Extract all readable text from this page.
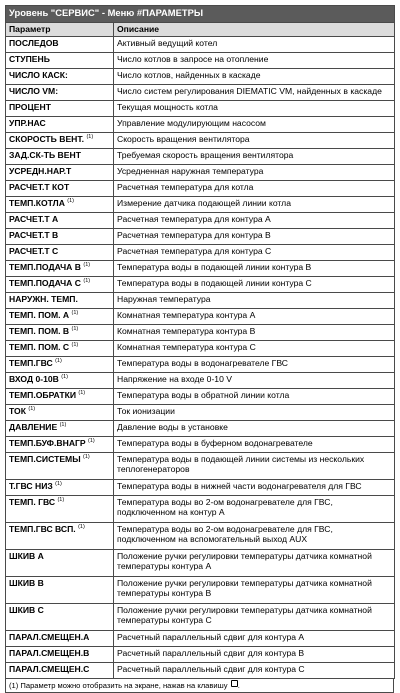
Уровень "СЕРВИС" - Меню #ПАРАМЕТРЫ	
Параметр	Описание
ПОСЛЕДОВ	Активный ведущий котел
СТУПЕНЬ	Число котлов в запросе на отопление
ЧИСЛО КАСК:	Число котлов, найденных в каскаде
ЧИСЛО VM:	Число систем регулирования DIEMATIC VM, найденных в каскаде
ПРОЦЕНТ	Текущая мощность котла
УПР.НАС	Управление модулирующим насосом
СКОРОСТЬ ВЕНТ. $^{(1)}$	Скорость вращения вентилятора
ЗАД.СК-ТЬ ВЕНТ	Требуемая скорость вращения вентилятора
УСРЕДН.НАР.Т	Усредненная наружная температура
РАСЧЕТ.Т КОТ	Расчетная температура для котла
ТЕМП.КОТЛА $^{(1)}$	Измерение датчика подающей линии котла
РАСЧЕТ.Т А	Расчетная температура для контура A
РАСЧЕТ.Т В	Расчетная температура для контура B
РАСЧЕТ.Т С	Расчетная температура для контура C
ТЕМП.ПОДАЧА В $^{(1)}$	Температура воды в подающей линии контура B
ТЕМП.ПОДАЧА С $^{(1)}$	Температура воды в подающей линии контура C
НАРУЖН. ТЕМП.	Наружная температура
ТЕМП. ПОМ. А $^{(1)}$	Комнатная температура контура A
ТЕМП. ПОМ. В $^{(1)}$	Комнатная температура контура B
ТЕМП. ПОМ. С $^{(1)}$	Комнатная температура контура C
ТЕМП.ГВС $^{(1)}$	Температура воды в водонагревателе ГВС
ВХОД 0-10В $^{(1)}$	Напряжение на входе 0-10 V
ТЕМП.ОБРАТКИ $^{(1)}$	Температура воды в обратной линии котла
ТОК $^{(1)}$	Ток ионизации
ДАВЛЕНИЕ $^{(1)}$	Давление воды в установке
ТЕМП.БУФ.ВНАГР $^{(1)}$	Температура воды в буферном водонагревателе
ТЕМП.СИСТЕМЫ $^{(1)}$	Температура воды в подающей линии системы из нескольких теплогенераторов
Т.ГВС НИЗ $^{(1)}$	Температура воды в нижней части водонагревателя для ГВС
ТЕМП. ГВС $^{(1)}$	Температура воды во 2-ом водонагревателе для ГВС, подключенном на контур A
ТЕМП.ГВС ВСП. $^{(1)}$	Температура воды во 2-ом водонагревателе для ГВС, подключенном на вспомогательный выход AUX
ШКИВ А	Положение ручки регулировки температуры датчика комнатной температуры контура A
ШКИВ В	Положение ручки регулировки температуры датчика комнатной температуры контура B
ШКИВ С	Положение ручки регулировки температуры датчика комнатной температуры контура C
ПАРАЛ.СМЕЩЕН.А	Расчетный параллельный сдвиг для контура A
ПАРАЛ.СМЕЩЕН.В	Расчетный параллельный сдвиг для контура B
ПАРАЛ.СМЕЩЕН.С	Расчетный параллельный сдвиг для контура C
(1) Параметр можно отобразить на экране, нажав на клавишу .
